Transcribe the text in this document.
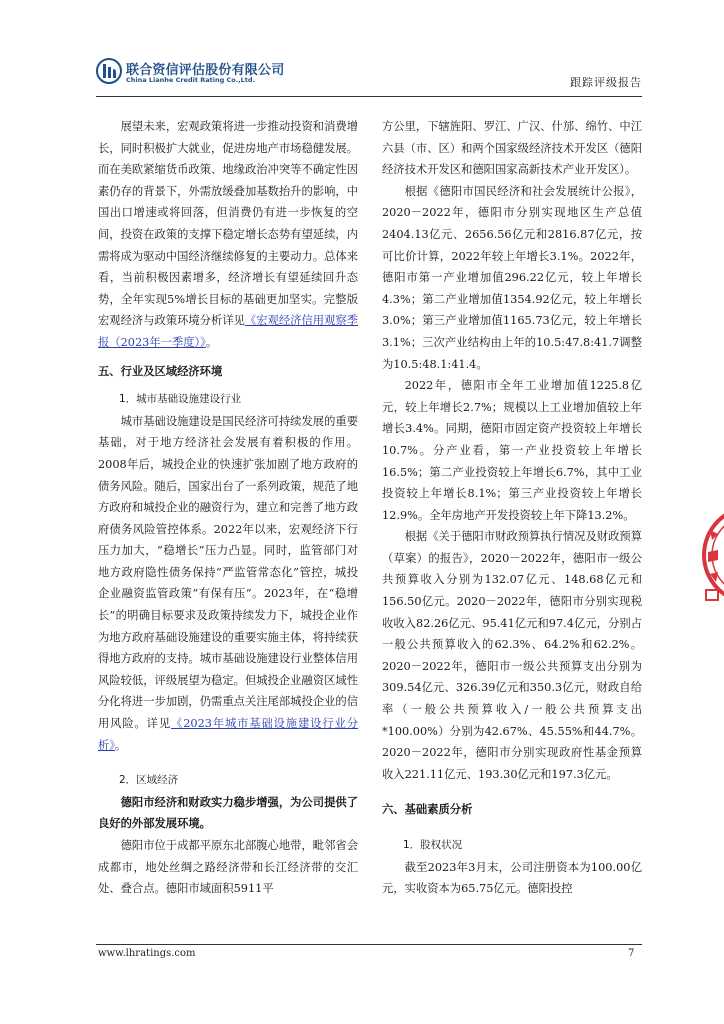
联合资信评估股份有限公司
China Lianhe Credit Rating Co.,Ltd.	跟踪评级报告

展望未来，宏观政策将进一步推动投资和消费增长，同时积极扩大就业，促进房地产市场稳健发展。而在美欧紧缩货币政策、地缘政治冲突等不确定性因素仍存的背景下，外需放缓叠加基数抬升的影响，中国出口增速或将回落，但消费仍有进一步恢复的空间，投资在政策的支撑下稳定增长态势有望延续，内需将成为驱动中国经济继续修复的主要动力。总体来看，当前积极因素增多，经济增长有望延续回升态势，全年实现5%增长目标的基础更加坚实。完整版宏观经济与政策环境分析详见《宏观经济信用观察季报（2023年一季度）》。

五、行业及区域经济环境

1．城市基础设施建设行业

城市基础设施建设是国民经济可持续发展的重要基础，对于地方经济社会发展有着积极的作用。2008年后，城投企业的快速扩张加剧了地方政府的债务风险。随后，国家出台了一系列政策，规范了地方政府和城投企业的融资行为，建立和完善了地方政府债务风险管控体系。2022年以来，宏观经济下行压力加大，“稳增长”压力凸显。同时，监管部门对地方政府隐性债务保持“严监管常态化”管控，城投企业融资监管政策“有保有压”。2023年，在“稳增长”的明确目标要求及政策持续发力下，城投企业作为地方政府基础设施建设的重要实施主体，将持续获得地方政府的支持。城市基础设施建设行业整体信用风险较低，评级展望为稳定。但城投企业融资区域性分化将进一步加剧，仍需重点关注尾部城投企业的信用风险。详见《2023年城市基础设施建设行业分析》。

2．区域经济

德阳市经济和财政实力稳步增强，为公司提供了良好的外部发展环境。

德阳市位于成都平原东北部腹心地带，毗邻省会成都市，地处丝绸之路经济带和长江经济带的交汇处、叠合点。德阳市域面积5911平

方公里，下辖旌阳、罗江、广汉、什邡、绵竹、中江六县（市、区）和两个国家级经济技术开发区（德阳经济技术开发区和德阳国家高新技术产业开发区）。

根据《德阳市国民经济和社会发展统计公报》，2020－2022年，德阳市分别实现地区生产总值2404.13亿元、2656.56亿元和2816.87亿元，按可比价计算，2022年较上年增长3.1%。2022年，德阳市第一产业增加值296.22亿元，较上年增长4.3%；第二产业增加值1354.92亿元，较上年增长3.0%；第三产业增加值1165.73亿元，较上年增长3.1%；三次产业结构由上年的10.5:47.8:41.7调整为10.5:48.1:41.4。

2022年，德阳市全年工业增加值1225.8亿元，较上年增长2.7%；规模以上工业增加值较上年增长3.4%。同期，德阳市固定资产投资较上年增长10.7%。分产业看，第一产业投资较上年增长16.5%；第二产业投资较上年增长6.7%，其中工业投资较上年增长8.1%；第三产业投资较上年增长12.9%。全年房地产开发投资较上年下降13.2%。

根据《关于德阳市财政预算执行情况及财政预算（草案）的报告》，2020－2022年，德阳市一级公共预算收入分别为132.07亿元、148.68亿元和156.50亿元。2020－2022年，德阳市分别实现税收收入82.26亿元、95.41亿元和97.4亿元，分别占一般公共预算收入的62.3%、64.2%和62.2%。2020－2022年，德阳市一级公共预算支出分别为309.54亿元、326.39亿元和350.3亿元，财政自给率（一般公共预算收入/一般公共预算支出*100.00%）分别为42.67%、45.55%和44.7%。2020－2022年，德阳市分别实现政府性基金预算收入221.11亿元、193.30亿元和197.3亿元。

六、基础素质分析

1．股权状况

截至2023年3月末，公司注册资本为100.00亿元，实收资本为65.75亿元。德阳投控

www.lhratings.com	7
